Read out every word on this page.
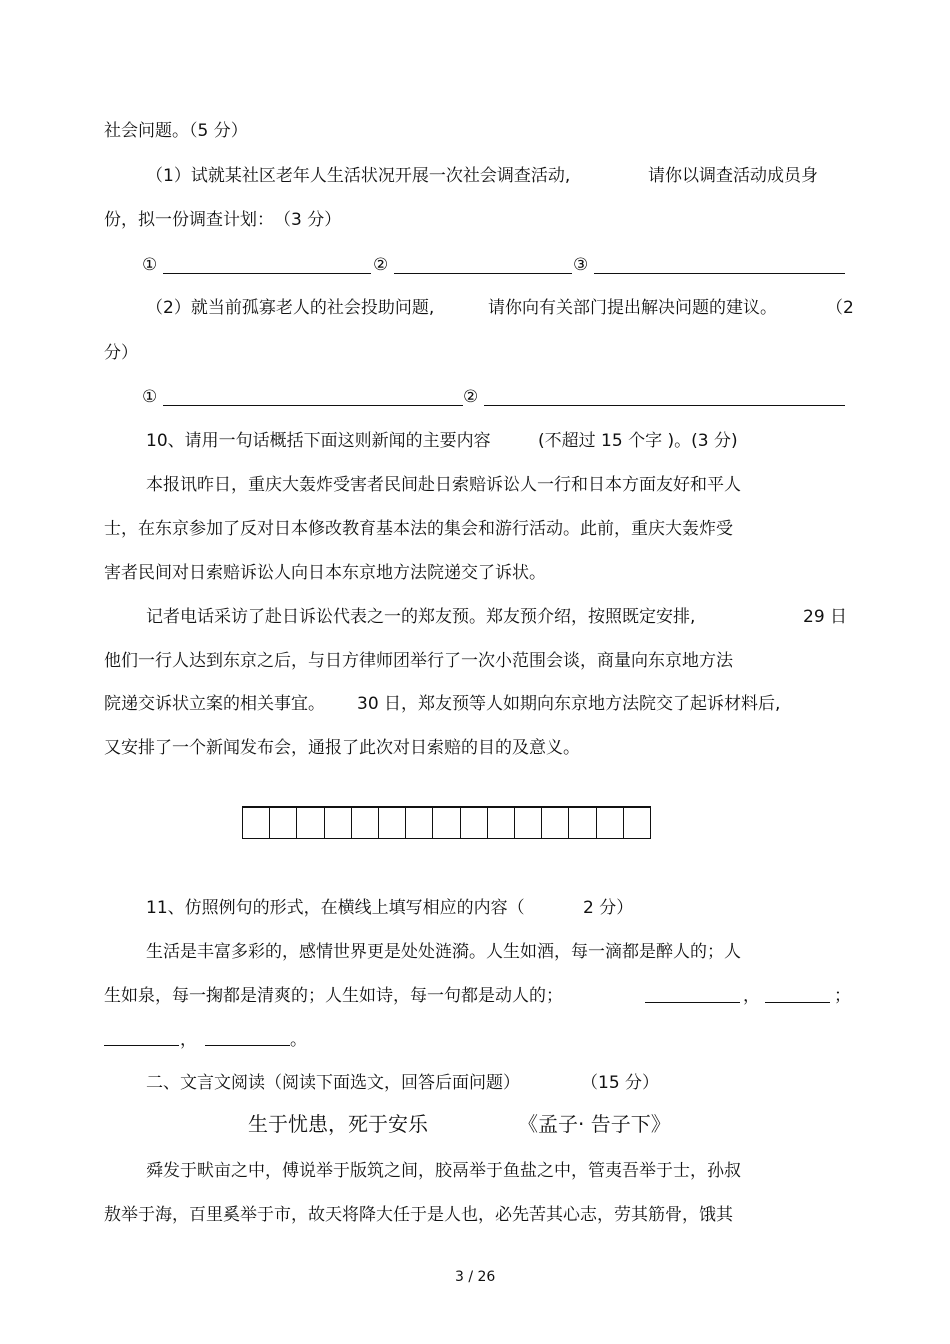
社会问题。（5 分）
（1）试就某社区老年人生活状况开展一次社会调查活动,	请你以调查活动成员身
份，拟一份调查计划：　（3 分）
①	②	③
（2）就当前孤寡老人的社会投助问题,	请你向有关部门提出解决问题的建议。	（2
分）
①	②
10、请用一句话概括下面这则新闻的主要内容	(不超过 15 个字 )。(3 分)
本报讯昨日，重庆大轰炸受害者民间赴日索赔诉讼人一行和日本方面友好和平人
士，在东京参加了反对日本修改教育基本法的集会和游行活动。此前，重庆大轰炸受
害者民间对日索赔诉讼人向日本东京地方法院递交了诉状。
记者电话采访了赴日诉讼代表之一的郑友预。郑友预介绍，按照既定安排,	29 日
他们一行人达到东京之后，与日方律师团举行了一次小范围会谈，商量向东京地方法
院递交诉状立案的相关事宜。 30 日，郑友预等人如期向东京地方法院交了起诉材料后,
又安排了一个新闻发布会，通报了此次对日索赔的目的及意义。
11、仿照例句的形式，在横线上填写相应的内容（	2 分）
生活是丰富多彩的，感情世界更是处处涟漪。人生如酒，每一滴都是醉人的；人
生如泉，每一掬都是清爽的；人生如诗，每一句都是动人的；	，	；
，	。
二、文言文阅读（阅读下面选文，回答后面问题）	（15 分）
生于忧患，死于安乐	《孟子· 告子下》
舜发于畎亩之中，傅说举于版筑之间，胶鬲举于鱼盐之中，管夷吾举于士，孙叔
敖举于海，百里奚举于市，故天将降大任于是人也，必先苦其心志，劳其筋骨，饿其
3 / 26
